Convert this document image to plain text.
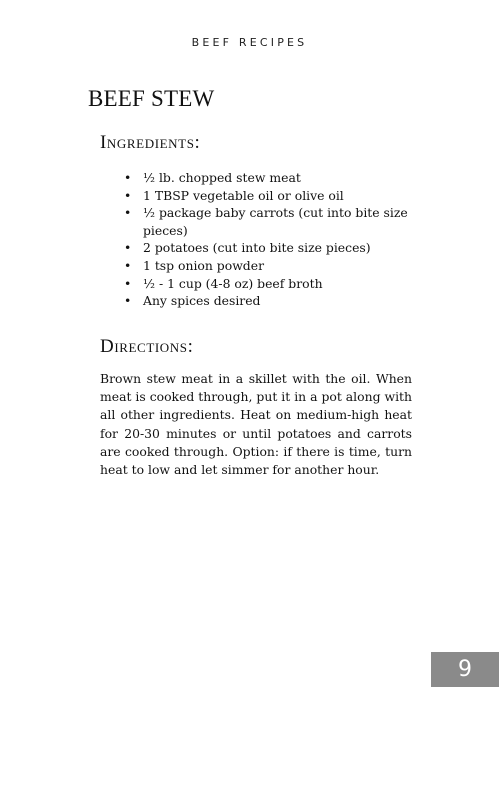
BEEF RECIPES
BEEF STEW
Ingredients:
• ½ lb. chopped stew meat
• 1 TBSP vegetable oil or olive oil
• ½ package baby carrots (cut into bite size pieces)
• 2 potatoes (cut into bite size pieces)
• 1 tsp onion powder
• ½ - 1 cup (4-8 oz) beef broth
• Any spices desired
Directions:

Brown stew meat in a skillet with the oil. When meat is cooked through, put it in a pot along with all other ingredients. Heat on medium-high heat for 20-30 minutes or until potatoes and carrots are cooked through. Option: if there is time, turn heat to low and let simmer for another hour.

9
